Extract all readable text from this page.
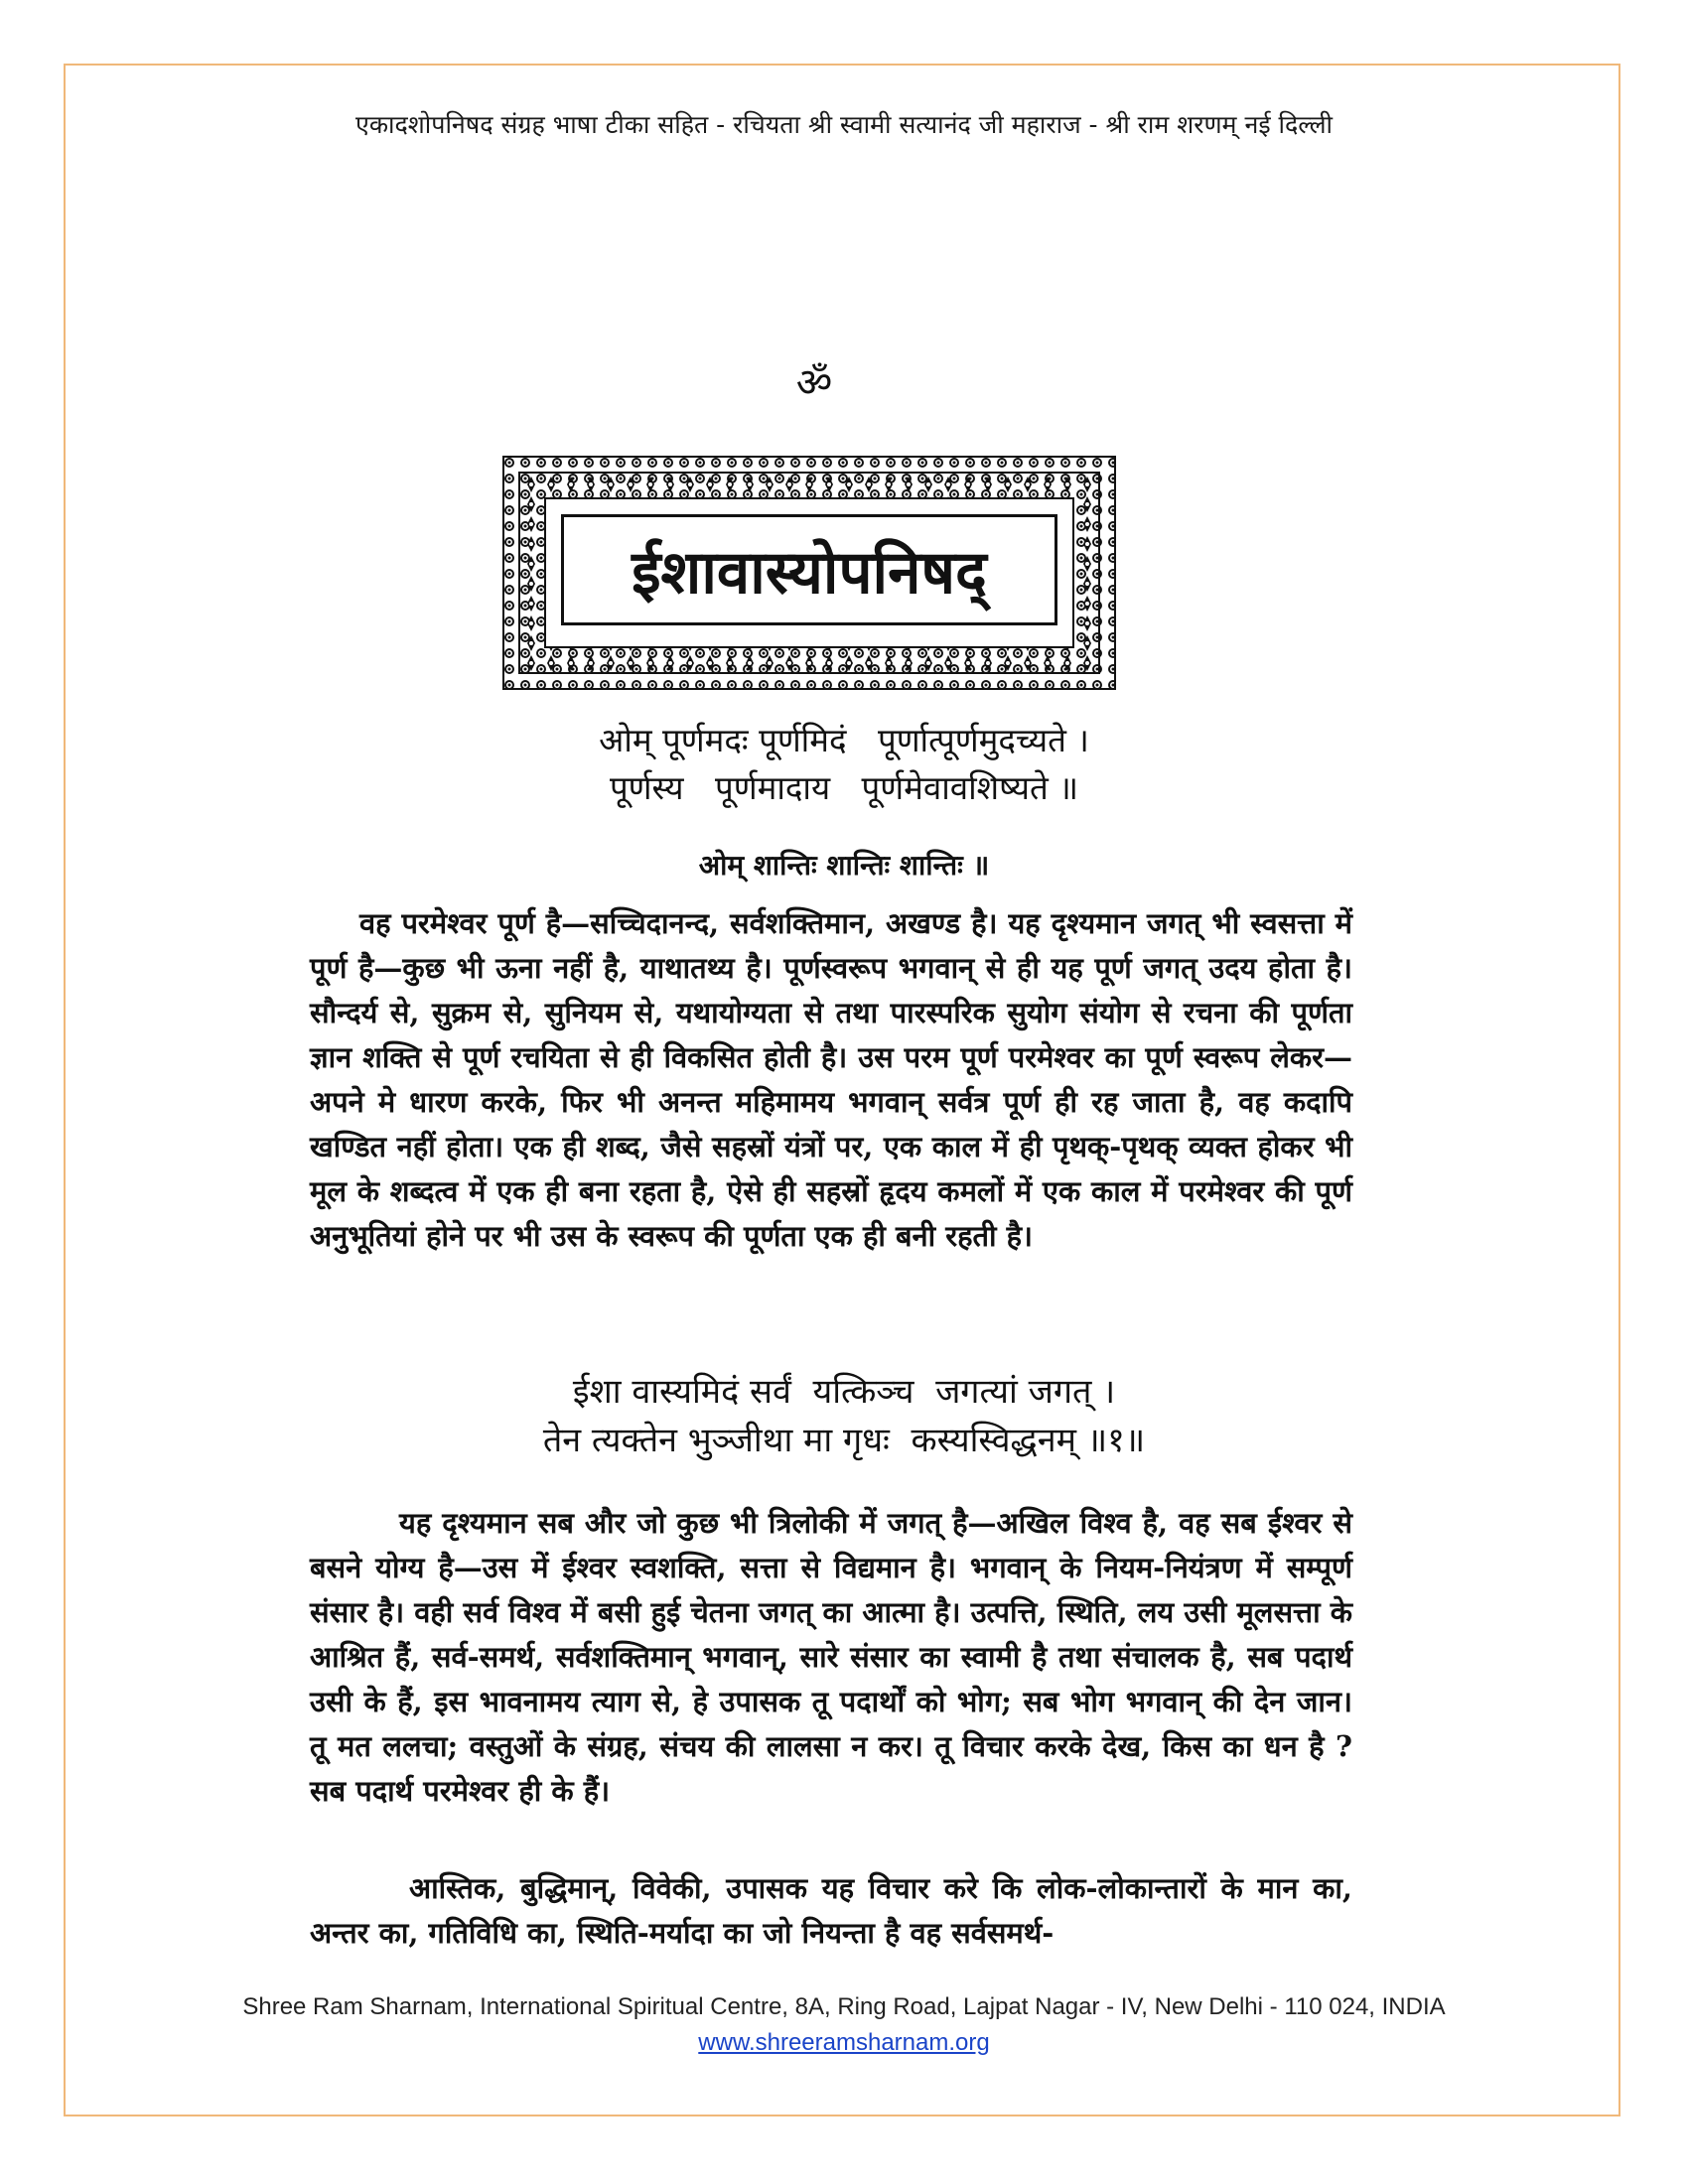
एकादशोपनिषद संग्रह भाषा टीका सहित - रचियता श्री स्वामी सत्यानंद जी महाराज - श्री राम शरणम् नई दिल्ली
ॐ
ईशावास्योपनिषद्
ओम् पूर्णमदः पूर्णमिदं   पूर्णात्पूर्णमुदच्यते ।
पूर्णस्य   पूर्णमादाय   पूर्णमेवावशिष्यते ॥
ओम् शान्तिः शान्तिः शान्तिः ॥

वह परमेश्वर पूर्ण है—सच्चिदानन्द, सर्वशक्तिमान, अखण्ड है। यह दृश्यमान जगत् भी स्वसत्ता में पूर्ण है—कुछ भी ऊना नहीं है, याथातथ्य है। पूर्णस्वरूप भगवान् से ही यह पूर्ण जगत् उदय होता है। सौन्दर्य से, सुक्रम से, सुनियम से, यथायोग्यता से तथा पारस्परिक सुयोग संयोग से रचना की पूर्णता ज्ञान शक्ति से पूर्ण रचयिता से ही विकसित होती है। उस परम पूर्ण परमेश्वर का पूर्ण स्वरूप लेकर—अपने मे धारण करके, फिर भी अनन्त महिमामय भगवान् सर्वत्र पूर्ण ही रह जाता है, वह कदापि खण्डित नहीं होता। एक ही शब्द, जैसे सहस्रों यंत्रों पर, एक काल में ही पृथक्-पृथक् व्यक्त होकर भी मूल के शब्दत्व में एक ही बना रहता है, ऐसे ही सहस्रों हृदय कमलों में एक काल में परमेश्वर की पूर्ण अनुभूतियां होने पर भी उस के स्वरूप की पूर्णता एक ही बनी रहती है।

ईशा वास्यमिदं सर्वं  यत्किञ्च  जगत्यां जगत् ।
तेन त्यक्तेन भुञ्जीथा मा गृधः  कस्यस्विद्धनम् ॥१॥

यह दृश्यमान सब और जो कुछ भी त्रिलोकी में जगत् है—अखिल विश्व है, वह सब ईश्वर से बसने योग्य है—उस में ईश्वर स्वशक्ति, सत्ता से विद्यमान है। भगवान् के नियम-नियंत्रण में सम्पूर्ण संसार है। वही सर्व विश्व में बसी हुई चेतना जगत् का आत्मा है। उत्पत्ति, स्थिति, लय उसी मूलसत्ता के आश्रित हैं, सर्व-समर्थ, सर्वशक्तिमान् भगवान्, सारे संसार का स्वामी है तथा संचालक है, सब पदार्थ उसी के हैं, इस भावनामय त्याग से, हे उपासक तू पदार्थों को भोग; सब भोग भगवान् की देन जान। तू मत ललचा; वस्तुओं के संग्रह, संचय की लालसा न कर। तू विचार करके देख, किस का धन है ? सब पदार्थ परमेश्वर ही के हैं।

आस्तिक, बुद्धिमान्, विवेकी, उपासक यह विचार करे कि लोक-लोकान्तारों के मान का, अन्तर का, गतिविधि का, स्थिति-मर्यादा का जो नियन्ता है वह सर्वसमर्थ-

Shree Ram Sharnam, International Spiritual Centre, 8A, Ring Road, Lajpat Nagar - IV, New Delhi - 110 024, INDIA
www.shreeramsharnam.org
